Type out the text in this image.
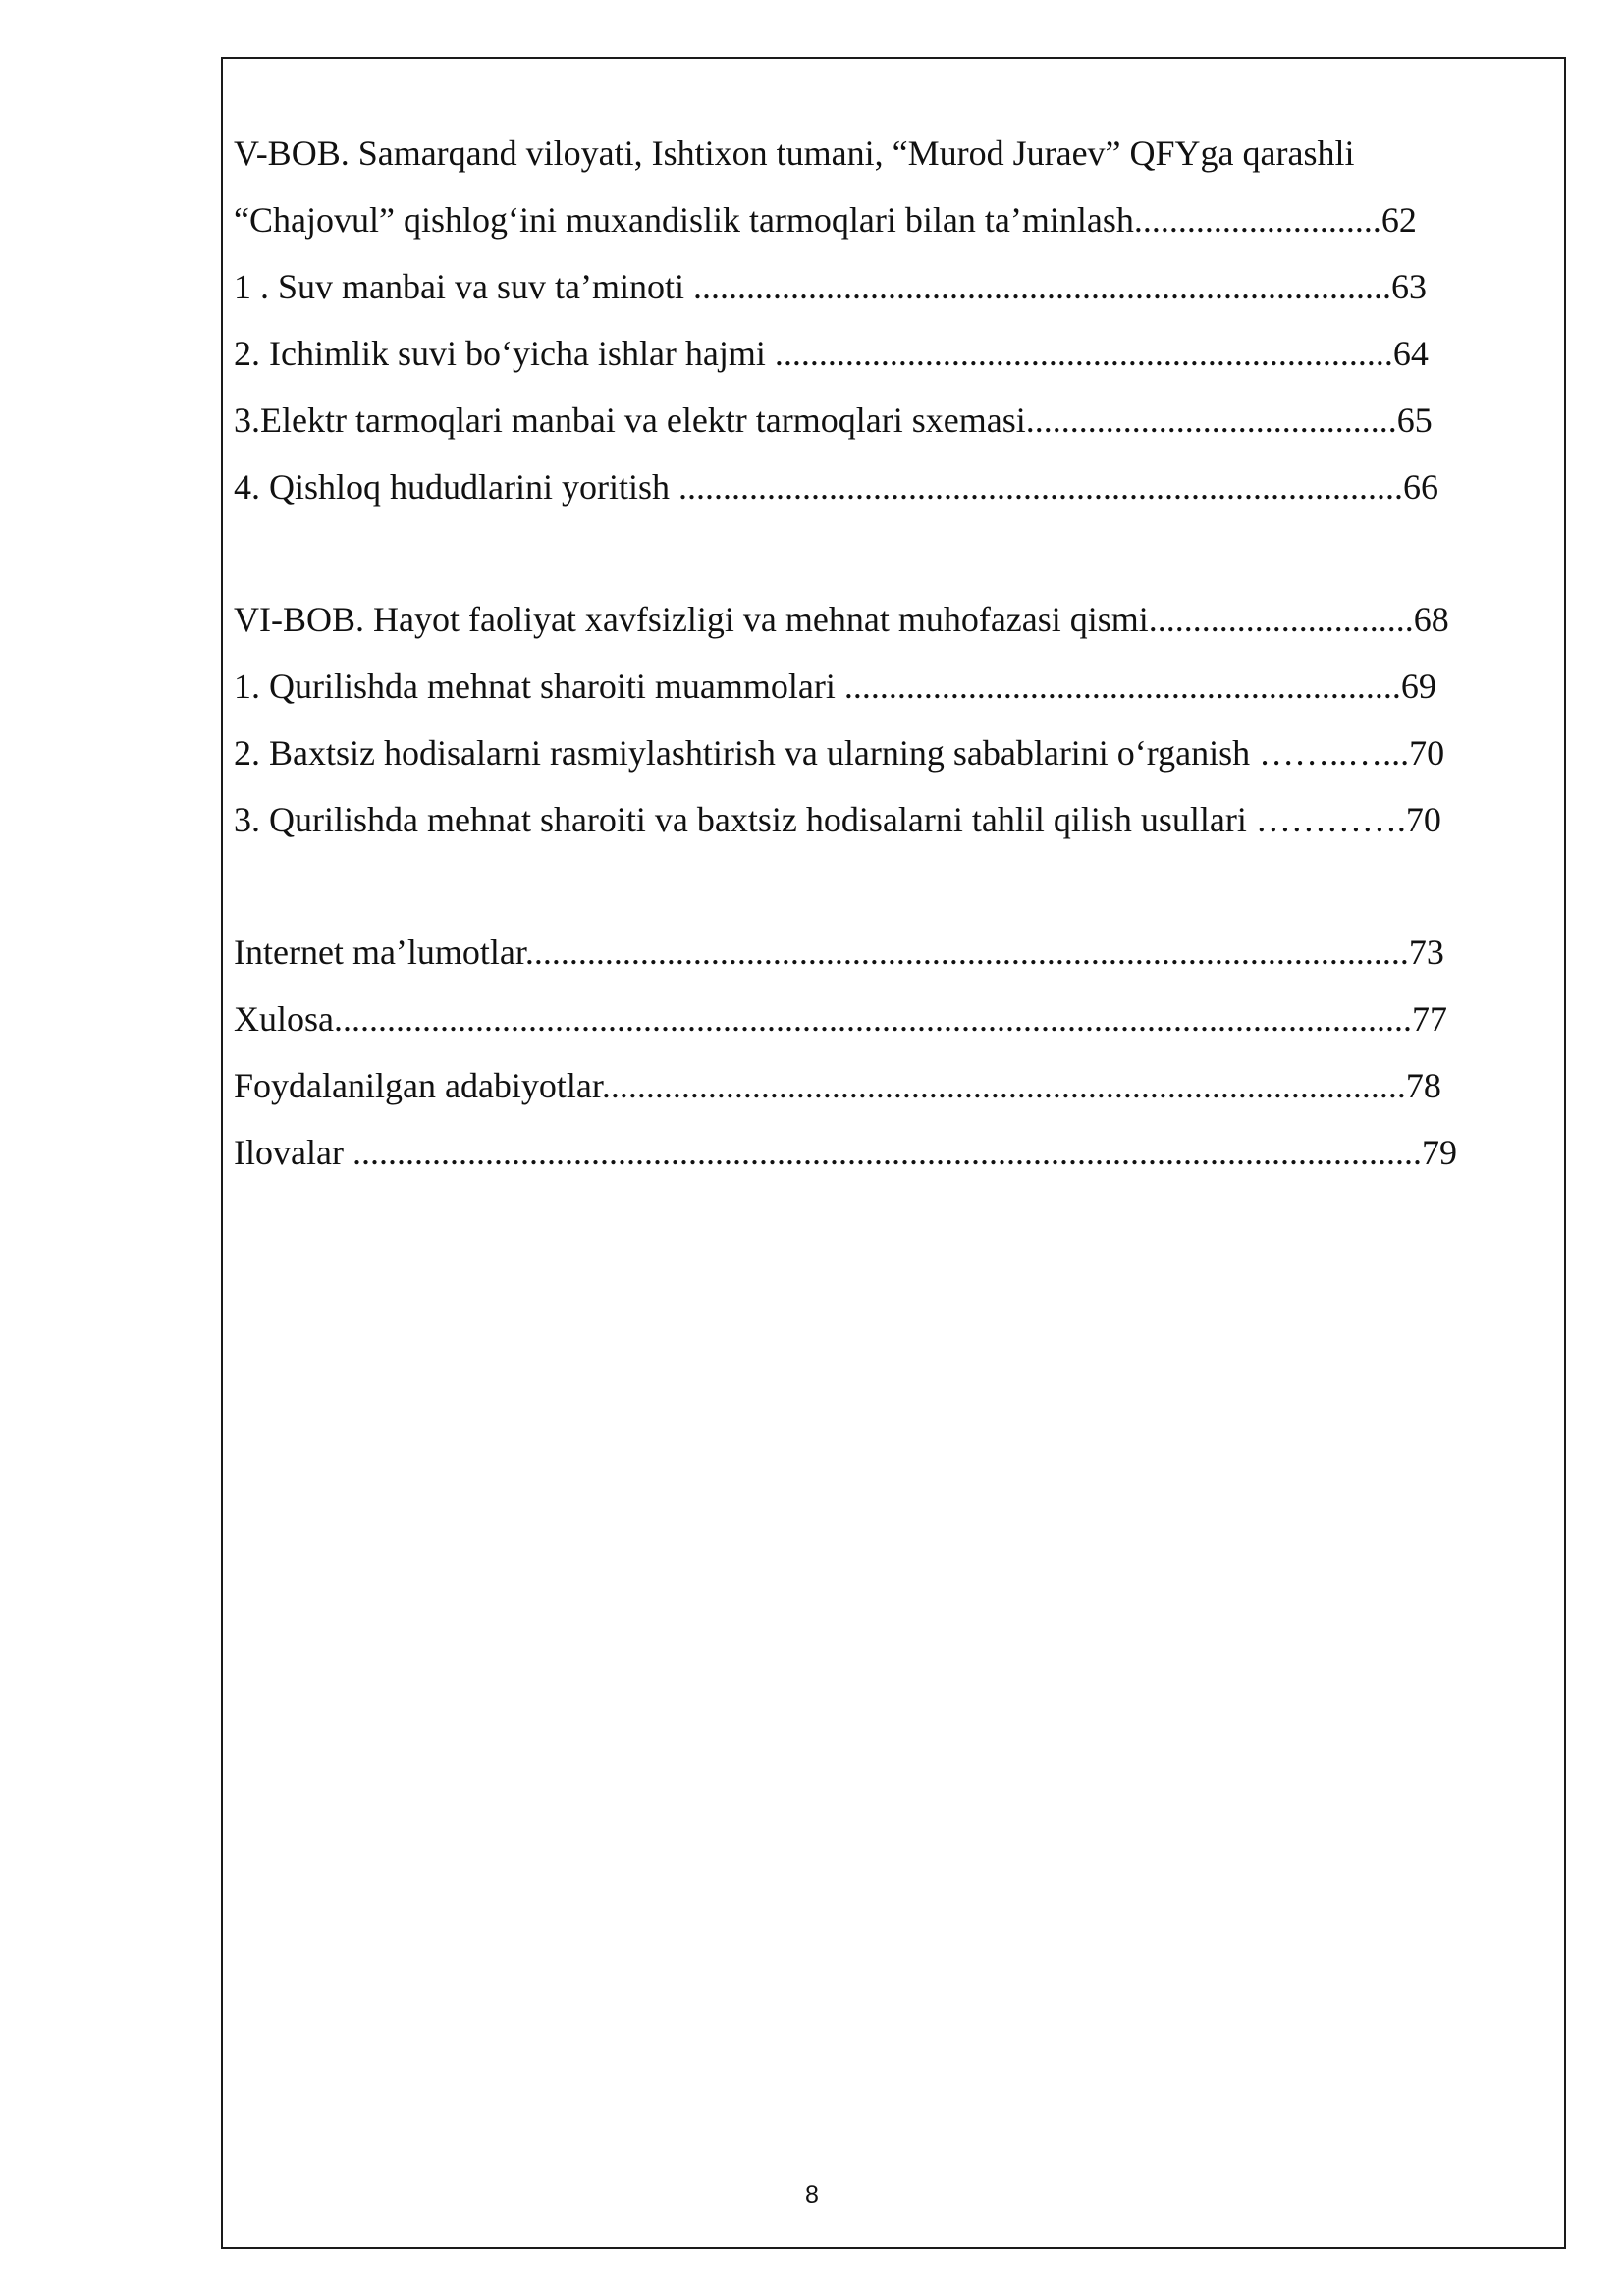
V-BOB. Samarqand viloyati, Ishtixon tumani, “Murod Juraev” QFYga qarashli
“Chajovul” qishlog‘ini muxandislik tarmoqlari bilan ta’minlash............................62
1 . Suv manbai va suv ta’minoti ...............................................................................63
2. Ichimlik suvi bo‘yicha ishlar hajmi ......................................................................64
3.Elektr tarmoqlari manbai va elektr tarmoqlari sxemasi..........................................65
4. Qishloq hududlarini yoritish ..................................................................................66
VI-BOB. Hayot faoliyat xavfsizligi va mehnat muhofazasi qismi..............................68
1. Qurilishda mehnat sharoiti muammolari ...............................................................69
2. Baxtsiz hodisalarni rasmiylashtirish va ularning sabablarini o‘rganish ……..…...70
3. Qurilishda mehnat sharoiti va baxtsiz hodisalarni tahlil qilish usullari ………….70
Internet ma’lumotlar....................................................................................................73
Xulosa..........................................................................................................................77
Foydalanilgan adabiyotlar...........................................................................................78
Ilovalar .........................................................................................................................79
8
